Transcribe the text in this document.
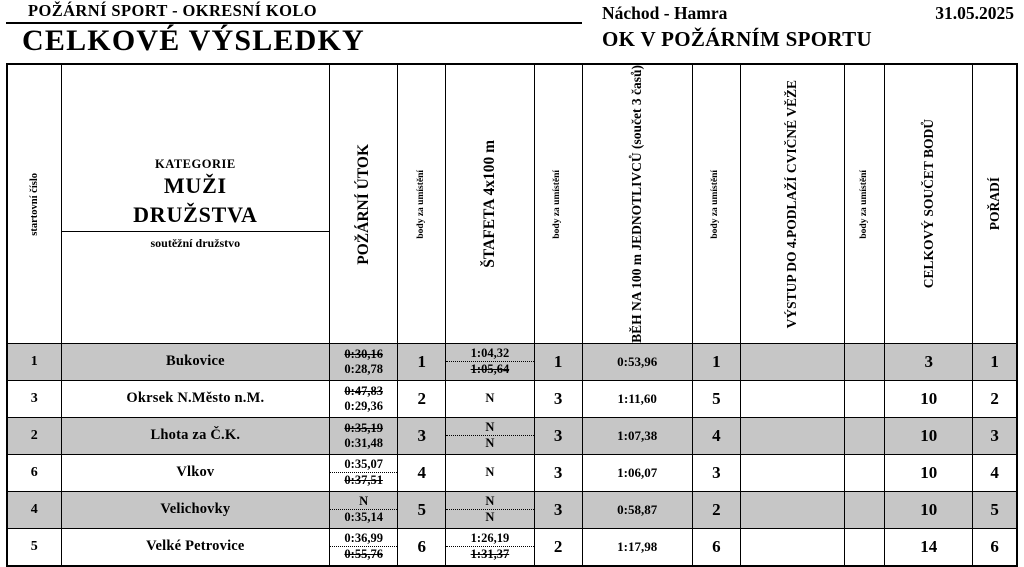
POŽÁRNÍ SPORT - OKRESNÍ KOLO
CELKOVÉ VÝSLEDKY
Náchod - Hamra	31.05.2025
OK V POŽÁRNÍM SPORTU
startovní číslo	KATEGORIE
MUŽI
DRUŽSTVA
soutěžní družstvo	POŽÁRNÍ ÚTOK	body za umístění	ŠTAFETA 4x100 m	body za umístění	BĚH NA 100 m JEDNOTLIVCŮ (součet 3 časů)	body za umístění	VÝSTUP DO 4.PODLAŽÍ CVIČNÉ VĚŽE	body za umístění	CELKOVÝ SOUČET BODŮ	POŘADÍ

1	Bukovice	0:30,16
0:28,78	1	1:04,32
1:05,64	1	0:53,96	1			3	1
3	Okrsek N.Město n.M.	0:47,83
0:29,36	2	N	3	1:11,60	5			10	2
2	Lhota za Č.K.	0:35,19
0:31,48	3	N
N	3	1:07,38	4			10	3
6	Vlkov	0:35,07
0:37,51	4	N	3	1:06,07	3			10	4
4	Velichovky	N
0:35,14	5	N
N	3	0:58,87	2			10	5
5	Velké Petrovice	0:36,99
0:55,76	6	1:26,19
1:31,37	2	1:17,98	6			14	6
